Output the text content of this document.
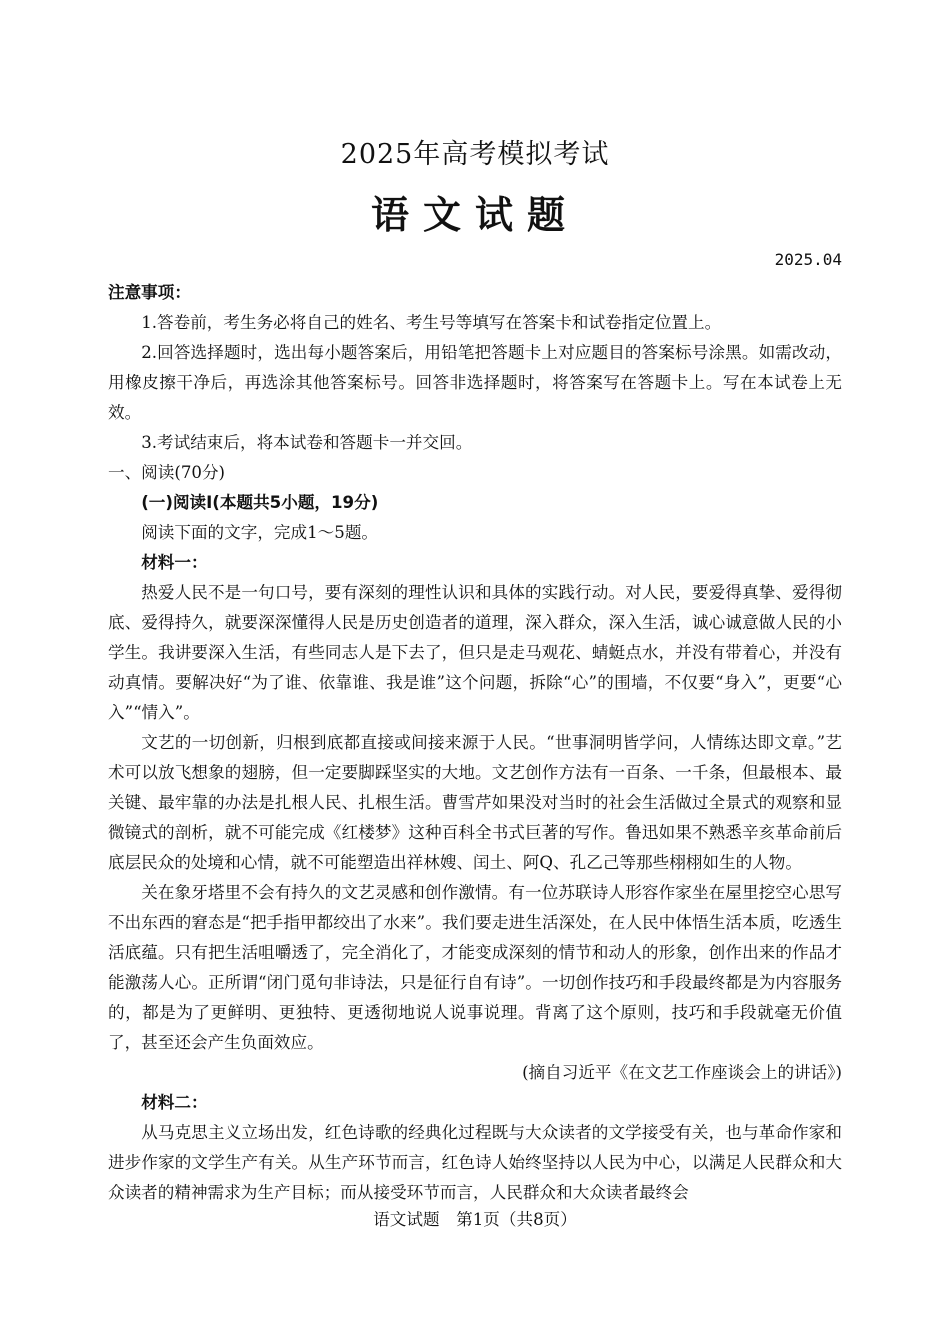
2025年高考模拟考试
语文试题
2025.04

注意事项：

1.答卷前，考生务必将自己的姓名、考生号等填写在答案卡和试卷指定位置上。

2.回答选择题时，选出每小题答案后，用铅笔把答题卡上对应题目的答案标号涂黑。如需改动，用橡皮擦干净后，再选涂其他答案标号。回答非选择题时，将答案写在答题卡上。写在本试卷上无效。

3.考试结束后，将本试卷和答题卡一并交回。

一、阅读(70分)

(一)阅读Ⅰ(本题共5小题，19分)

阅读下面的文字，完成1～5题。

材料一：

热爱人民不是一句口号，要有深刻的理性认识和具体的实践行动。对人民，要爱得真挚、爱得彻底、爱得持久，就要深深懂得人民是历史创造者的道理，深入群众，深入生活，诚心诚意做人民的小学生。我讲要深入生活，有些同志人是下去了，但只是走马观花、蜻蜓点水，并没有带着心，并没有动真情。要解决好“为了谁、依靠谁、我是谁”这个问题，拆除“心”的围墙，不仅要“身入”，更要“心入”“情入”。

文艺的一切创新，归根到底都直接或间接来源于人民。“世事洞明皆学问，人情练达即文章。”艺术可以放飞想象的翅膀，但一定要脚踩坚实的大地。文艺创作方法有一百条、一千条，但最根本、最关键、最牢靠的办法是扎根人民、扎根生活。曹雪芹如果没对当时的社会生活做过全景式的观察和显微镜式的剖析，就不可能完成《红楼梦》这种百科全书式巨著的写作。鲁迅如果不熟悉辛亥革命前后底层民众的处境和心情，就不可能塑造出祥林嫂、闰土、阿Q、孔乙己等那些栩栩如生的人物。

关在象牙塔里不会有持久的文艺灵感和创作激情。有一位苏联诗人形容作家坐在屋里挖空心思写不出东西的窘态是“把手指甲都绞出了水来”。我们要走进生活深处，在人民中体悟生活本质，吃透生活底蕴。只有把生活咀嚼透了，完全消化了，才能变成深刻的情节和动人的形象，创作出来的作品才能激荡人心。正所谓“闭门觅句非诗法，只是征行自有诗”。一切创作技巧和手段最终都是为内容服务的，都是为了更鲜明、更独特、更透彻地说人说事说理。背离了这个原则，技巧和手段就毫无价值了，甚至还会产生负面效应。

(摘自习近平《在文艺工作座谈会上的讲话》)

材料二：

从马克思主义立场出发，红色诗歌的经典化过程既与大众读者的文学接受有关，也与革命作家和进步作家的文学生产有关。从生产环节而言，红色诗人始终坚持以人民为中心，以满足人民群众和大众读者的精神需求为生产目标；而从接受环节而言，人民群众和大众读者最终会

语文试题　第1页（共8页）
